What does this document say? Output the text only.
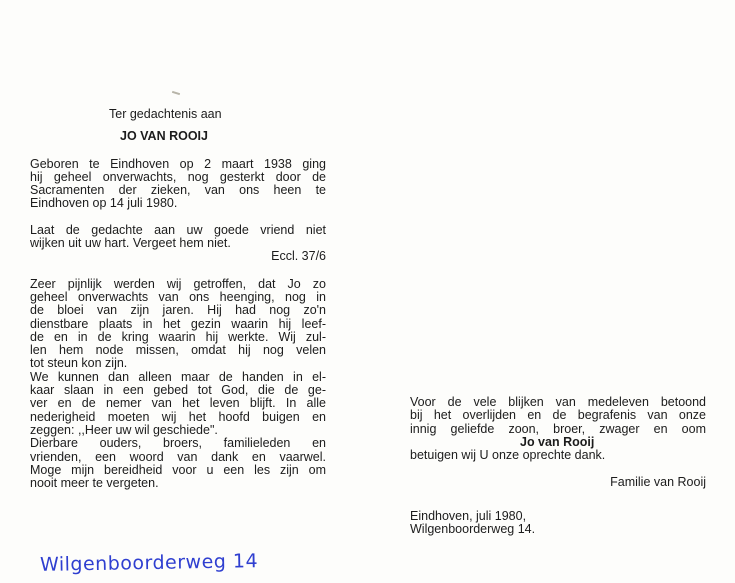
Ter gedachtenis aan
JO VAN ROOIJ
Geboren te Eindhoven op 2 maart 1938 ging
hij geheel onverwachts, nog gesterkt door de
Sacramenten der zieken, van ons heen te
Eindhoven op 14 juli 1980.
Laat de gedachte aan uw goede vriend niet
wijken uit uw hart. Vergeet hem niet.
Eccl. 37/6
Zeer pijnlijk werden wij getroffen, dat Jo zo
geheel onverwachts van ons heenging, nog in
de bloei van zijn jaren. Hij had nog zo'n
dienstbare plaats in het gezin waarin hij leef-
de en in de kring waarin hij werkte. Wij zul-
len hem node missen, omdat hij nog velen
tot steun kon zijn.
We kunnen dan alleen maar de handen in el-
kaar slaan in een gebed tot God, die de ge-
ver en de nemer van het leven blijft. In alle
nederigheid moeten wij het hoofd buigen en
zeggen: ,,Heer uw wil geschiede".
Dierbare ouders, broers, familieleden en
vrienden, een woord van dank en vaarwel.
Moge mijn bereidheid voor u een les zijn om
nooit meer te vergeten.
Wilgenboorderweg 14
Voor de vele blijken van medeleven betoond
bij het overlijden en de begrafenis van onze
innig geliefde zoon, broer, zwager en oom
Jo van Rooij
betuigen wij U onze oprechte dank.
Familie van Rooij
Eindhoven, juli 1980,
Wilgenboorderweg 14.
